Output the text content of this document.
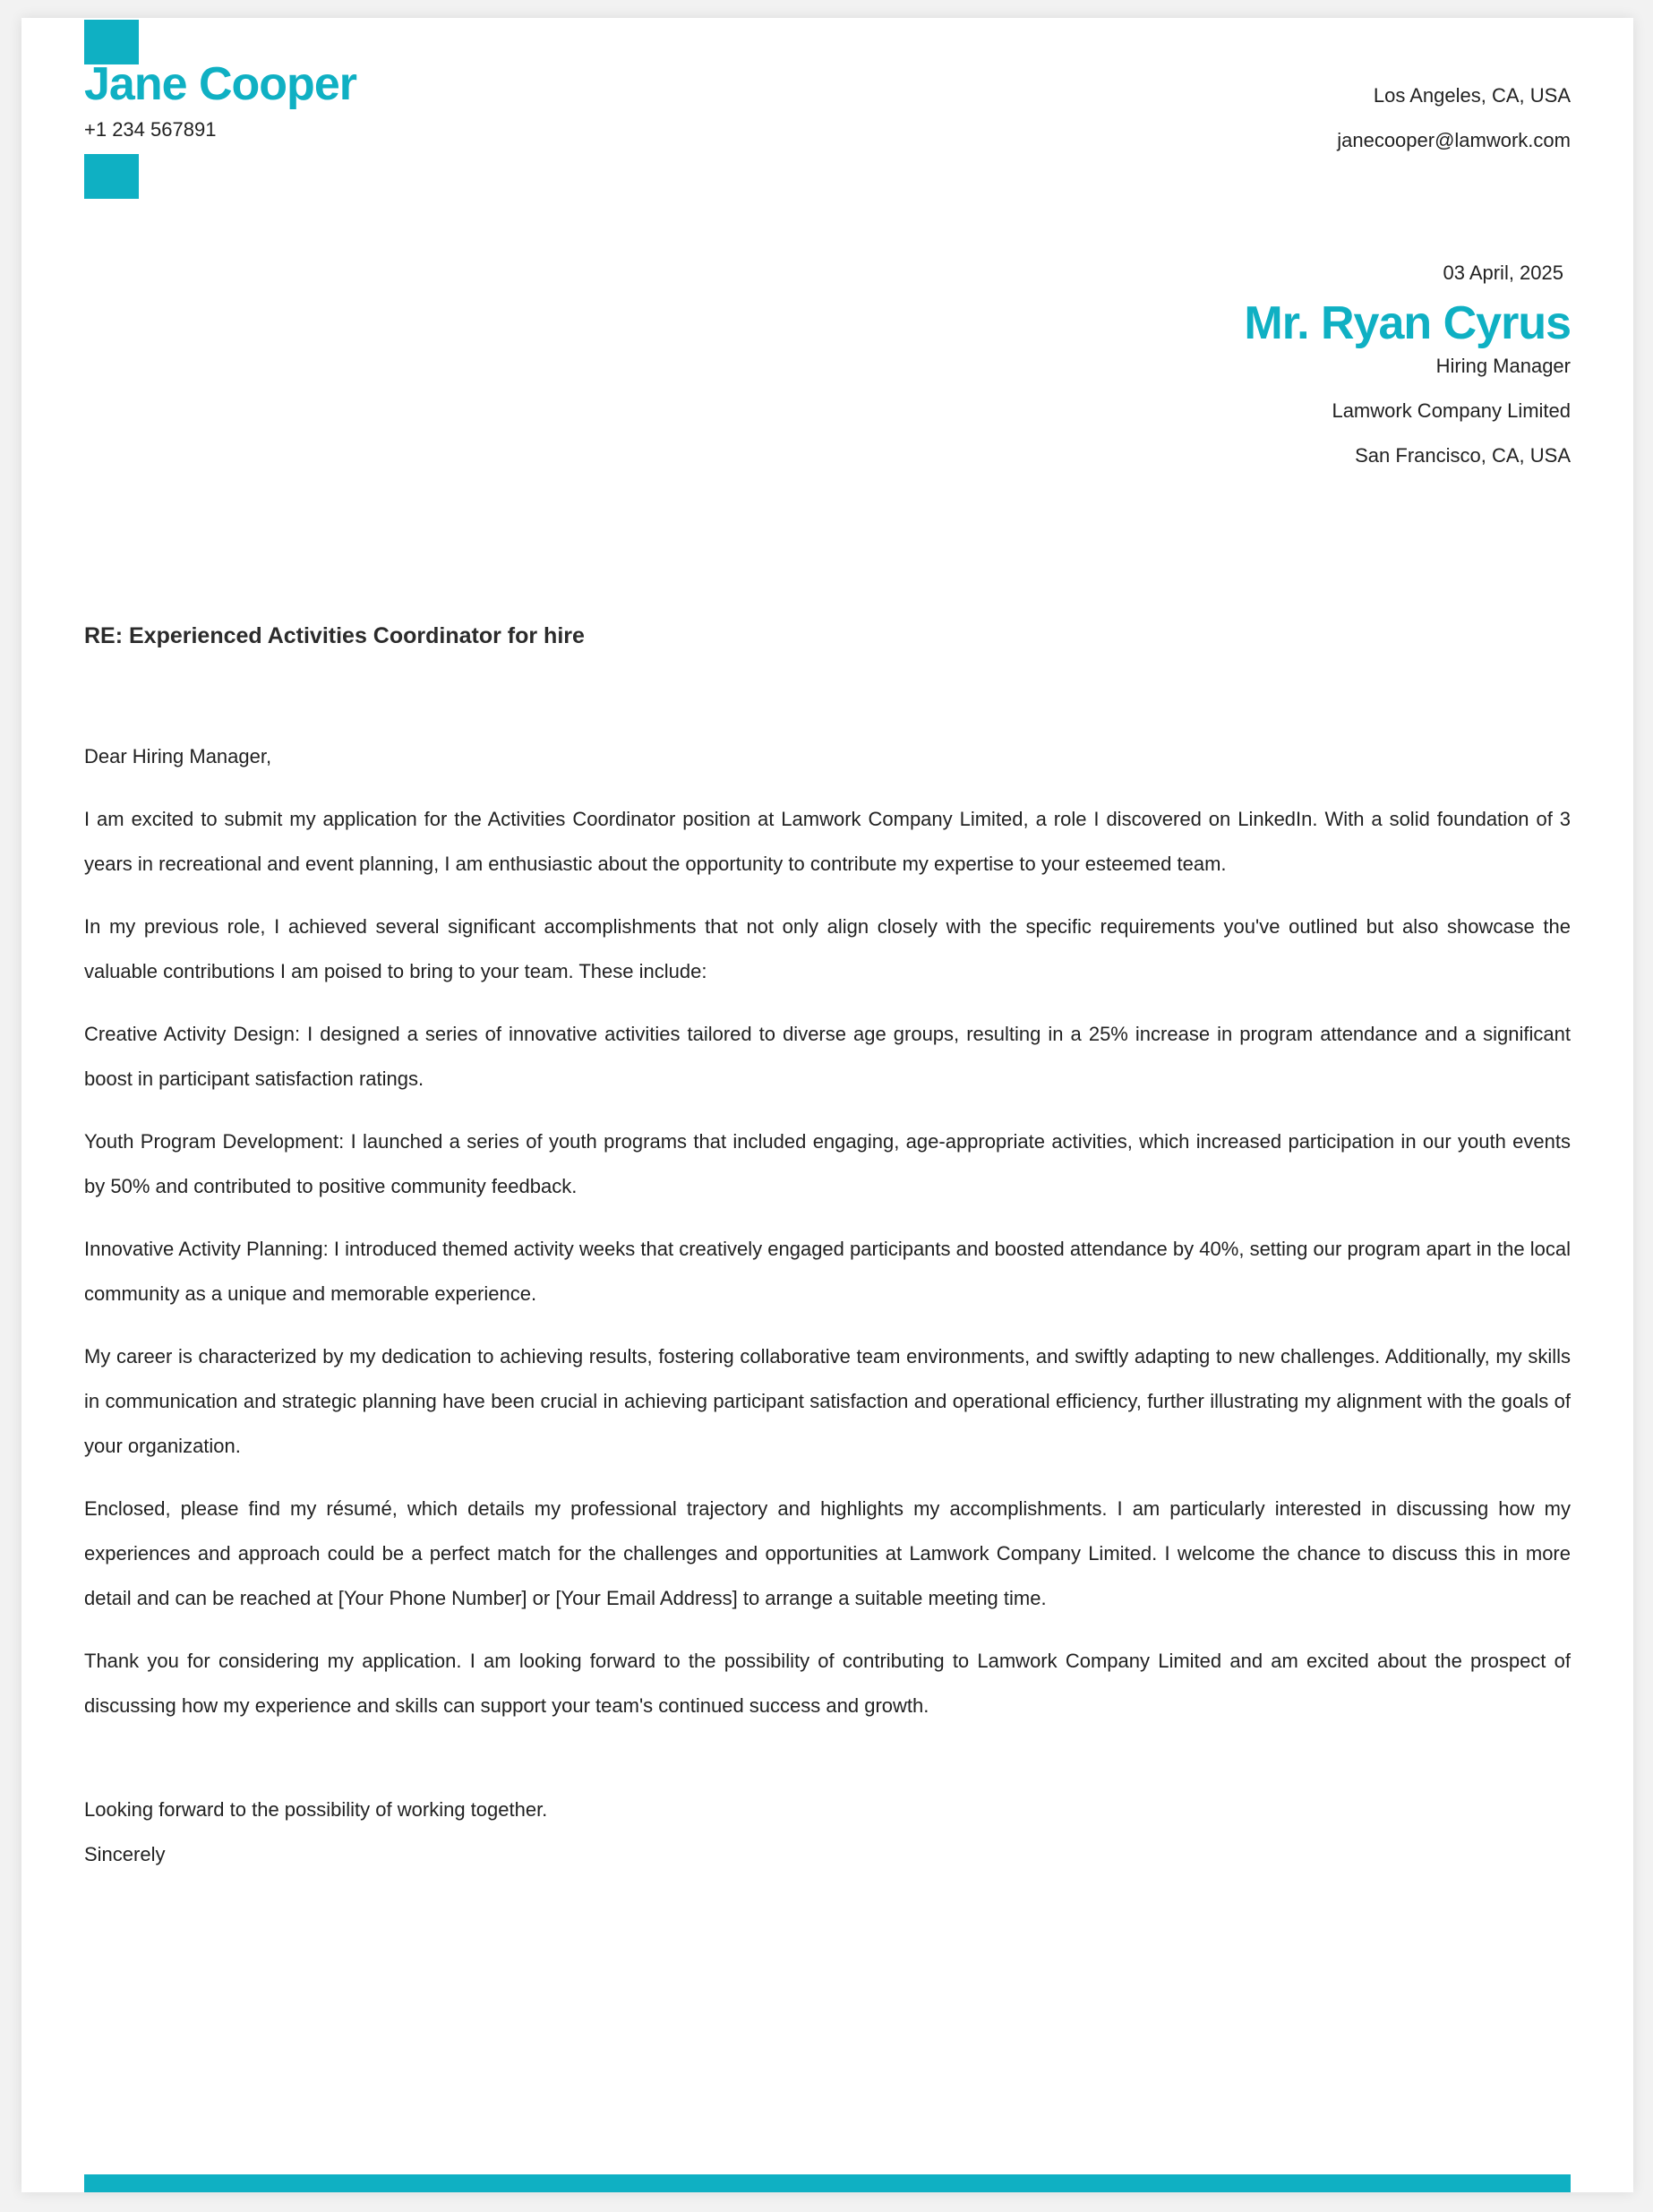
Jane Cooper
+1 234 567891
Los Angeles, CA, USA
janecooper@lamwork.com
03 April, 2025
Mr. Ryan Cyrus
Hiring Manager
Lamwork Company Limited
San Francisco, CA, USA
RE: Experienced Activities Coordinator for hire

Dear Hiring Manager,

I am excited to submit my application for the Activities Coordinator position at Lamwork Company Limited, a role I discovered on LinkedIn. With a solid foundation of 3 years in recreational and event planning, I am enthusiastic about the opportunity to contribute my expertise to your esteemed team.

In my previous role, I achieved several significant accomplishments that not only align closely with the specific requirements you've outlined but also showcase the valuable contributions I am poised to bring to your team. These include:

Creative Activity Design: I designed a series of innovative activities tailored to diverse age groups, resulting in a 25% increase in program attendance and a significant boost in participant satisfaction ratings.

Youth Program Development: I launched a series of youth programs that included engaging, age-appropriate activities, which increased participation in our youth events by 50% and contributed to positive community feedback.

Innovative Activity Planning: I introduced themed activity weeks that creatively engaged participants and boosted attendance by 40%, setting our program apart in the local community as a unique and memorable experience.

My career is characterized by my dedication to achieving results, fostering collaborative team environments, and swiftly adapting to new challenges. Additionally, my skills in communication and strategic planning have been crucial in achieving participant satisfaction and operational efficiency, further illustrating my alignment with the goals of your organization.

Enclosed, please find my résumé, which details my professional trajectory and highlights my accomplishments. I am particularly interested in discussing how my experiences and approach could be a perfect match for the challenges and opportunities at Lamwork Company Limited. I welcome the chance to discuss this in more detail and can be reached at [Your Phone Number] or [Your Email Address] to arrange a suitable meeting time.

Thank you for considering my application. I am looking forward to the possibility of contributing to Lamwork Company Limited and am excited about the prospect of discussing how my experience and skills can support your team's continued success and growth.

Looking forward to the possibility of working together.
Sincerely
